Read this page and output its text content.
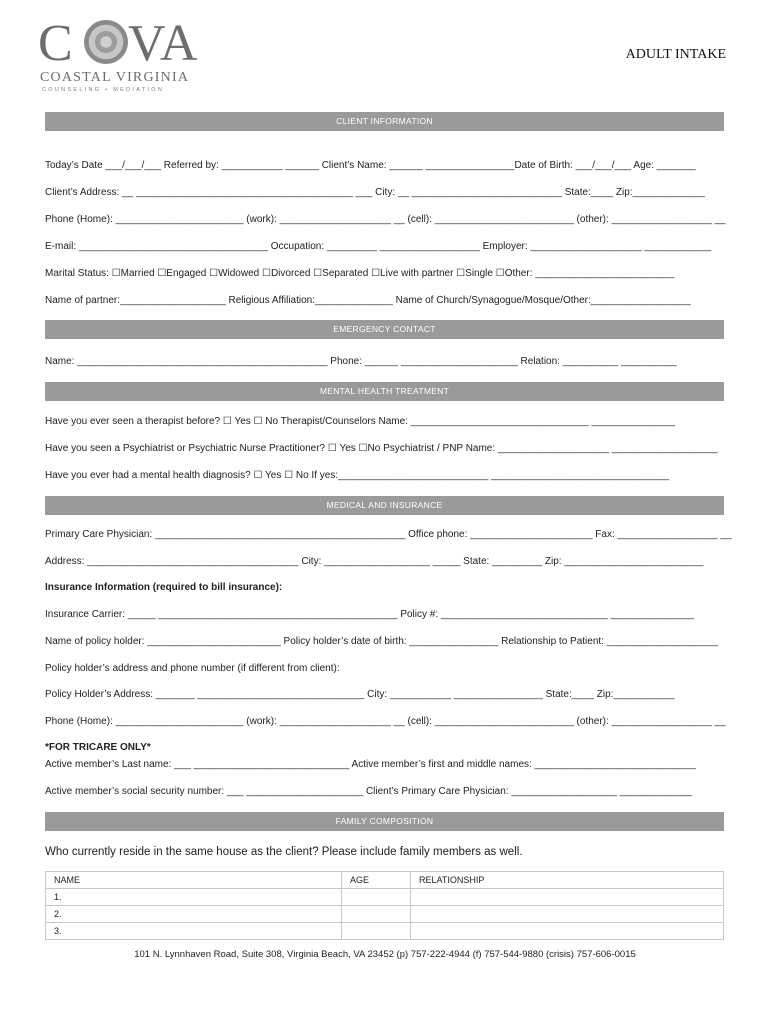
C VA
COASTAL VIRGINIA
COUNSELING • MEDIATION
ADULT INTAKE
CLIENT INFORMATION
Today’s Date ___/___/___ Referred by: ___________ ______ Client’s Name: ______ ________________Date of Birth: ___/___/___ Age: _______
Client’s Address: __ _______________________________________ ___ City: __ ___________________________ State:____ Zip:_____________
Phone (Home): _______________________ (work): ____________________ __ (cell): _________________________ (other): __________________ __
E-mail: __________________________________ Occupation: _________ __________________ Employer: ____________________ ____________
Marital Status: ☐Married ☐Engaged ☐Widowed ☐Divorced ☐Separated ☐Live with partner ☐Single ☐Other: _________________________
Name of partner:___________________ Religious Affiliation:______________ Name of Church/Synagogue/Mosque/Other:__________________
EMERGENCY CONTACT
Name: _____________________________________________ Phone: ______ _____________________ Relation: __________ __________
MENTAL HEALTH TREATMENT
Have you ever seen a therapist before? ☐ Yes ☐ No Therapist/Counselors Name: ________________________________ _______________
Have you seen a Psychiatrist or Psychiatric Nurse Practitioner? ☐ Yes ☐No Psychiatrist / PNP Name: ____________________ ___________________
Have you ever had a mental health diagnosis? ☐ Yes ☐ No If yes:___________________________ ________________________________
MEDICAL AND INSURANCE
Primary Care Physician: _____________________________________________ Office phone: ______________________ Fax: __________________ __
Address: ______________________________________ City: ___________________ _____ State: _________ Zip: _________________________
Insurance Information (required to bill insurance):
Insurance Carrier: _____ ___________________________________________ Policy #: ______________________________ _______________
Name of policy holder: ________________________ Policy holder’s date of birth: ________________ Relationship to Patient: ____________________
Policy holder’s address and phone number (if different from client):
Policy Holder’s Address: _______ ______________________________ City: ___________ ________________ State:____ Zip:___________
Phone (Home): _______________________ (work): ____________________ __ (cell): _________________________ (other): __________________ __
*FOR TRICARE ONLY*
Active member’s Last name: ___ ____________________________ Active member’s first and middle names: _____________________________
Active member’s social security number: ___ _____________________ Client’s Primary Care Physician: ___________________ _____________
FAMILY COMPOSITION
Who currently reside in the same house as the client? Please include family members as well.
NAME	AGE	RELATIONSHIP
1.		
2.		
3.		
101 N. Lynnhaven Road, Suite 308, Virginia Beach, VA 23452 (p) 757-222-4944 (f) 757-544-9880 (crisis) 757-606-0015
